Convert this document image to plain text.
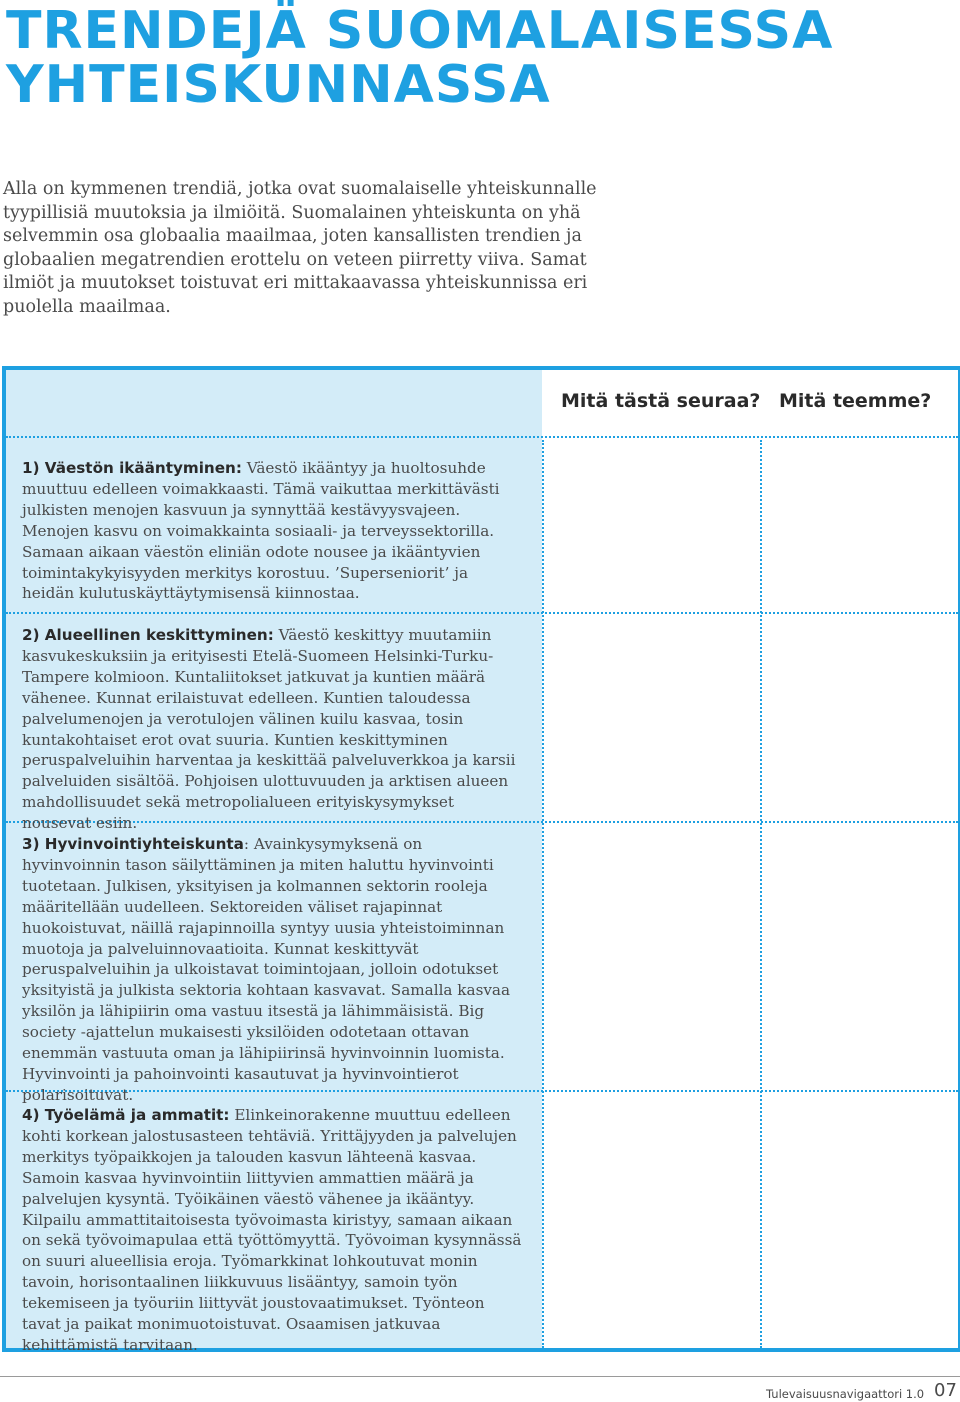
TRENDEJÄ SUOMALAISESSA
YHTEISKUNNASSA

Alla on kymmenen trendiä, jotka ovat suomalaiselle yhteiskunnalle tyypillisiä muutoksia ja ilmiöitä. Suomalainen yhteiskunta on yhä selvemmin osa globaalia maailmaa, joten kansallisten trendien ja globaalien megatrendien erottelu on veteen piirretty viiva. Samat ilmiöt ja muutokset toistuvat eri mittakaavassa yhteiskunnissa eri puolella maailmaa.

Mitä tästä seuraa? Mitä teemme?
1) Väestön ikääntyminen: Väestö ikääntyy ja huoltosuhde muuttuu edelleen voimakkaasti. Tämä vaikuttaa merkittävästi julkisten menojen kasvuun ja synnyttää kestävyysvajeen. Menojen kasvu on voimakkainta sosiaali- ja terveyssektorilla. Samaan aikaan väestön eliniän odote nousee ja ikääntyvien toimintakykyisyyden merkitys korostuu. ’Superseniorit’ ja heidän kulutuskäyttäytymisensä kiinnostaa.
2) Alueellinen keskittyminen: Väestö keskittyy muutamiin kasvukeskuksiin ja erityisesti Etelä-Suomeen Helsinki-Turku-Tampere kolmioon. Kuntaliitokset jatkuvat ja kuntien määrä vähenee. Kunnat erilaistuvat edelleen. Kuntien taloudessa palvelumenojen ja verotulojen välinen kuilu kasvaa, tosin kuntakohtaiset erot ovat suuria. Kuntien keskittyminen peruspalveluihin harventaa ja keskittää palveluverkkoa ja karsii palveluiden sisältöä. Pohjoisen ulottuvuuden ja arktisen alueen mahdollisuudet sekä metropolialueen erityiskysymykset nousevat esiin.
3) Hyvinvointiyhteiskunta: Avainkysymyksenä on hyvinvoinnin tason säilyttäminen ja miten haluttu hyvinvointi tuotetaan. Julkisen, yksityisen ja kolmannen sektorin rooleja määritellään uudelleen. Sektoreiden väliset rajapinnat huokoistuvat, näillä rajapinnoilla syntyy uusia yhteistoiminnan muotoja ja palveluinnovaatioita. Kunnat keskittyvät peruspalveluihin ja ulkoistavat toimintojaan, jolloin odotukset yksityistä ja julkista sektoria kohtaan kasvavat. Samalla kasvaa yksilön ja lähipiirin oma vastuu itsestä ja lähimmäisistä. Big society -ajattelun mukaisesti yksilöiden odotetaan ottavan enemmän vastuuta oman ja lähipiirinsä hyvinvoinnin luomista. Hyvinvointi ja pahoinvointi kasautuvat ja hyvinvointierot polarisoituvat.
4) Työelämä ja ammatit: Elinkeinorakenne muuttuu edelleen kohti korkean jalostusasteen tehtäviä. Yrittäjyyden ja palvelujen merkitys työpaikkojen ja talouden kasvun lähteenä kasvaa. Samoin kasvaa hyvinvointiin liittyvien ammattien määrä ja palvelujen kysyntä. Työikäinen väestö vähenee ja ikääntyy. Kilpailu ammattitaitoisesta työvoimasta kiristyy, samaan aikaan on sekä työvoimapulaa että työttömyyttä. Työvoiman kysynnässä on suuri alueellisia eroja. Työmarkkinat lohkoutuvat monin tavoin, horisontaalinen liikkuvuus lisääntyy, samoin työn tekemiseen ja työuriin liittyvät joustovaatimukset. Työnteon tavat ja paikat monimuotoistuvat. Osaamisen jatkuvaa kehittämistä tarvitaan.
Tulevaisuusnavigaattori 1.0 07
